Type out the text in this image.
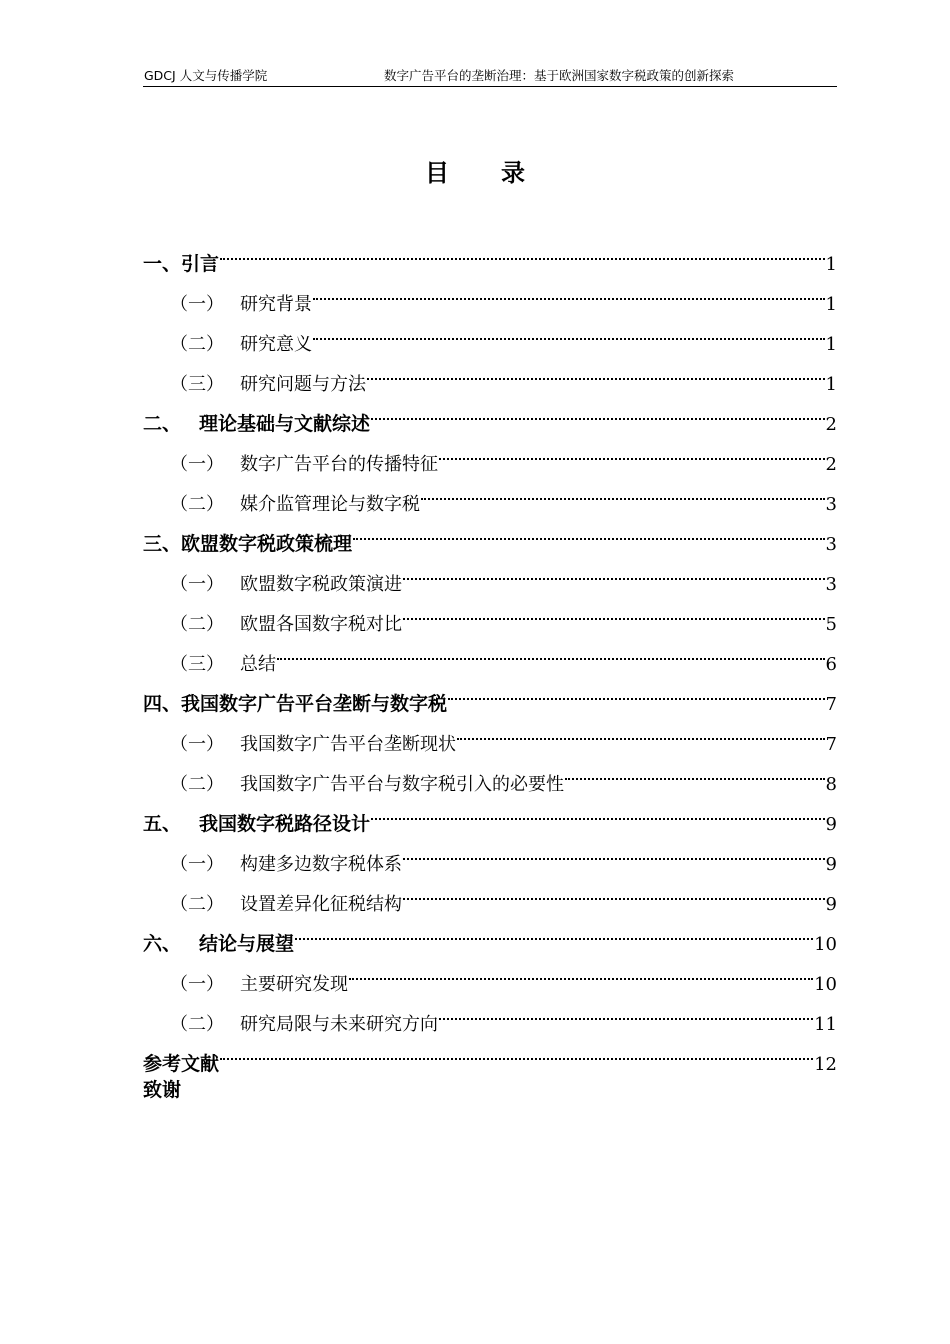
GDCJ 人文与传播学院	数字广告平台的垄断治理：基于欧洲国家数字税政策的创新探索
目 录
一、 引言	1
（一） 研究背景	1
（二） 研究意义	1
（三） 研究问题与方法	1
二、 理论基础与文献综述	2
（一） 数字广告平台的传播特征	2
（二） 媒介监管理论与数字税	3
三、 欧盟数字税政策梳理	3
（一） 欧盟数字税政策演进	3
（二） 欧盟各国数字税对比	5
（三） 总结	6
四、 我国数字广告平台垄断与数字税	7
（一） 我国数字广告平台垄断现状	7
（二） 我国数字广告平台与数字税引入的必要性	8
五、 我国数字税路径设计	9
（一） 构建多边数字税体系	9
（二） 设置差异化征税结构	9
六、 结论与展望	10
（一） 主要研究发现	10
（二） 研究局限与未来研究方向	11
参考文献	12
致谢
